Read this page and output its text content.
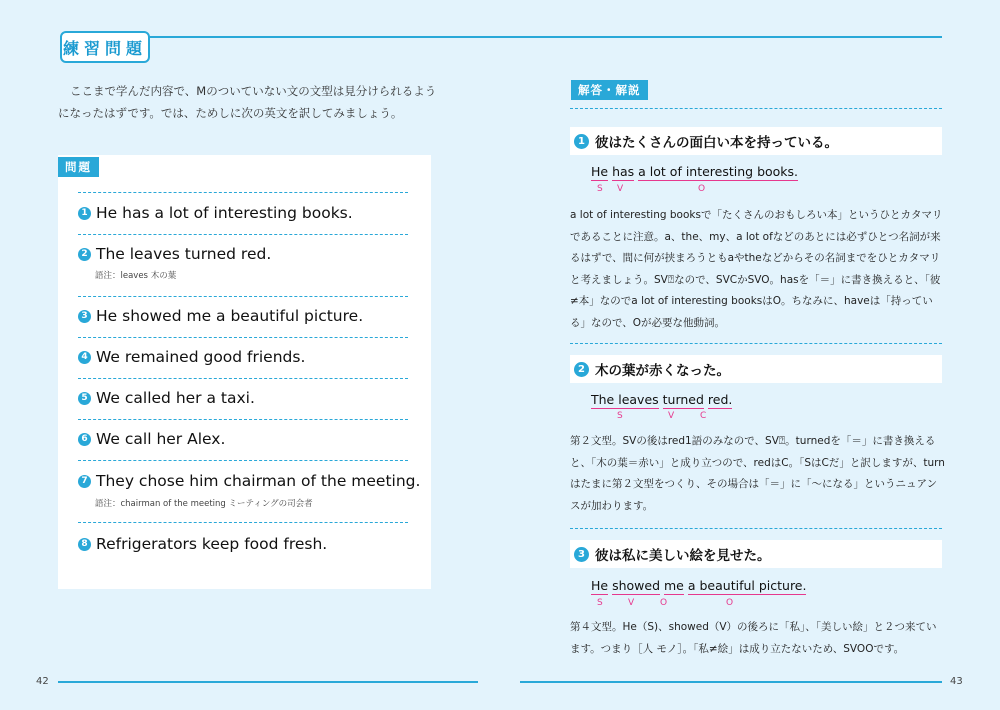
練習問題

ここまで学んだ内容で、Mのついていない文の文型は見分けられるようになったはずです。では、ためしに次の英文を訳してみましょう。

問題
1 He has a lot of interesting books.
2 The leaves turned red.
語注：leaves 木の葉
3 He showed me a beautiful picture.
4 We remained good friends.
5 We called her a taxi.
6 We call her Alex.
7 They chose him chairman of the meeting.
語注：chairman of the meeting ミーティングの司会者
8 Refrigerators keep food fresh.
42	43
解答・解説
1 彼はたくさんの面白い本を持っている。
He has a lot of interesting books.
S V	O

a lot of interesting booksで「たくさんのおもしろい本」というひとカタマリであることに注意。a、the、my、a lot ofなどのあとには必ずひとつ名詞が来るはずで、間に何が挟まろうともaやtheなどからその名詞までをひとカタマリと考えましょう。SV⍰なので、SVCかSVO。hasを「＝」に書き換えると、「彼≠本」なのでa lot of interesting booksはO。ちなみに、haveは「持っている」なので、Oが必要な他動詞。

2 木の葉が赤くなった。
The leaves turned red.
S	V	C

第２文型。SVの後はred1語のみなので、SV⍰。turnedを「＝」に書き換えると、「木の葉＝赤い」と成り立つので、redはC。「SはCだ」と訳しますが、turnはたまに第２文型をつくり、その場合は「＝」に「〜になる」というニュアンスが加わります。

3 彼は私に美しい絵を見せた。
He showed me a beautiful picture.
S	V	O	O

第４文型。He（S)、showed（V）の後ろに「私」、「美しい絵」と２つ来ています。つまり［人 モノ］。「私≠絵」は成り立たないため、SVOOです。
